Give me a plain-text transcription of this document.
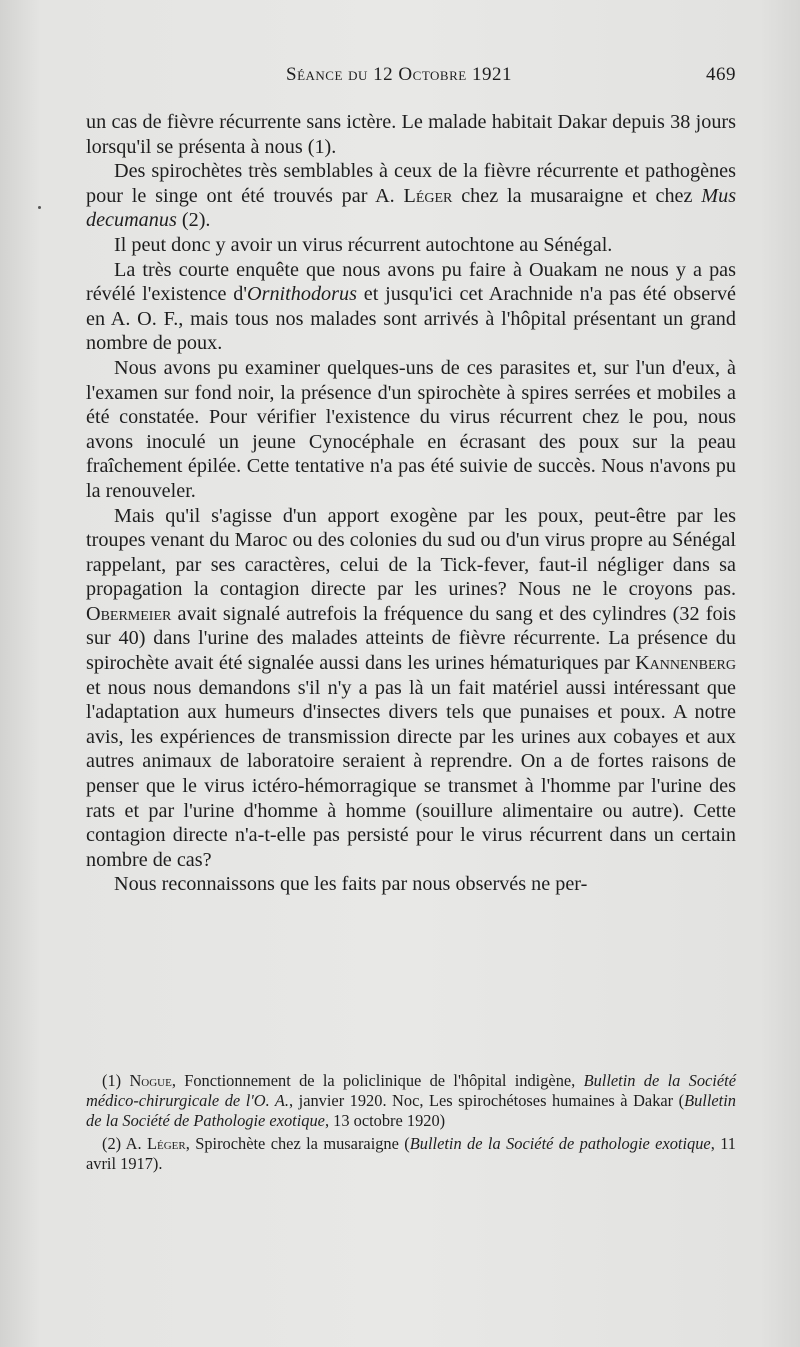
Séance du 12 Octobre 1921	469

un cas de fièvre récurrente sans ictère. Le malade habitait Dakar depuis 38 jours lorsqu'il se présenta à nous (1).

Des spirochètes très semblables à ceux de la fièvre récurrente et pathogènes pour le singe ont été trouvés par A. Léger chez la musaraigne et chez Mus decumanus (2).

Il peut donc y avoir un virus récurrent autochtone au Sénégal.

La très courte enquête que nous avons pu faire à Ouakam ne nous y a pas révélé l'existence d'Ornithodorus et jusqu'ici cet Arachnide n'a pas été observé en A. O. F., mais tous nos malades sont arrivés à l'hôpital présentant un grand nombre de poux.

Nous avons pu examiner quelques-uns de ces parasites et, sur l'un d'eux, à l'examen sur fond noir, la présence d'un spirochète à spires serrées et mobiles a été constatée. Pour vérifier l'existence du virus récurrent chez le pou, nous avons inoculé un jeune Cynocéphale en écrasant des poux sur la peau fraîchement épilée. Cette tentative n'a pas été suivie de succès. Nous n'avons pu la renouveler.

Mais qu'il s'agisse d'un apport exogène par les poux, peut-être par les troupes venant du Maroc ou des colonies du sud ou d'un virus propre au Sénégal rappelant, par ses caractères, celui de la Tick-fever, faut-il négliger dans sa propagation la contagion directe par les urines? Nous ne le croyons pas. Obermeier avait signalé autrefois la fréquence du sang et des cylindres (32 fois sur 40) dans l'urine des malades atteints de fièvre récurrente. La présence du spirochète avait été signalée aussi dans les urines hématuriques par Kannenberg et nous nous demandons s'il n'y a pas là un fait matériel aussi intéressant que l'adaptation aux humeurs d'insectes divers tels que punaises et poux. A notre avis, les expériences de transmission directe par les urines aux cobayes et aux autres animaux de laboratoire seraient à reprendre. On a de fortes raisons de penser que le virus ictéro-hémorragique se transmet à l'homme par l'urine des rats et par l'urine d'homme à homme (souillure alimentaire ou autre). Cette contagion directe n'a-t-elle pas persisté pour le virus récurrent dans un certain nombre de cas?

Nous reconnaissons que les faits par nous observés ne per-

(1) Nogue, Fonctionnement de la policlinique de l'hôpital indigène, Bulletin de la Société médico-chirurgicale de l'O. A., janvier 1920. Noc, Les spirochétoses humaines à Dakar (Bulletin de la Société de Pathologie exotique, 13 octobre 1920)

(2) A. Léger, Spirochète chez la musaraigne (Bulletin de la Société de pathologie exotique, 11 avril 1917).
